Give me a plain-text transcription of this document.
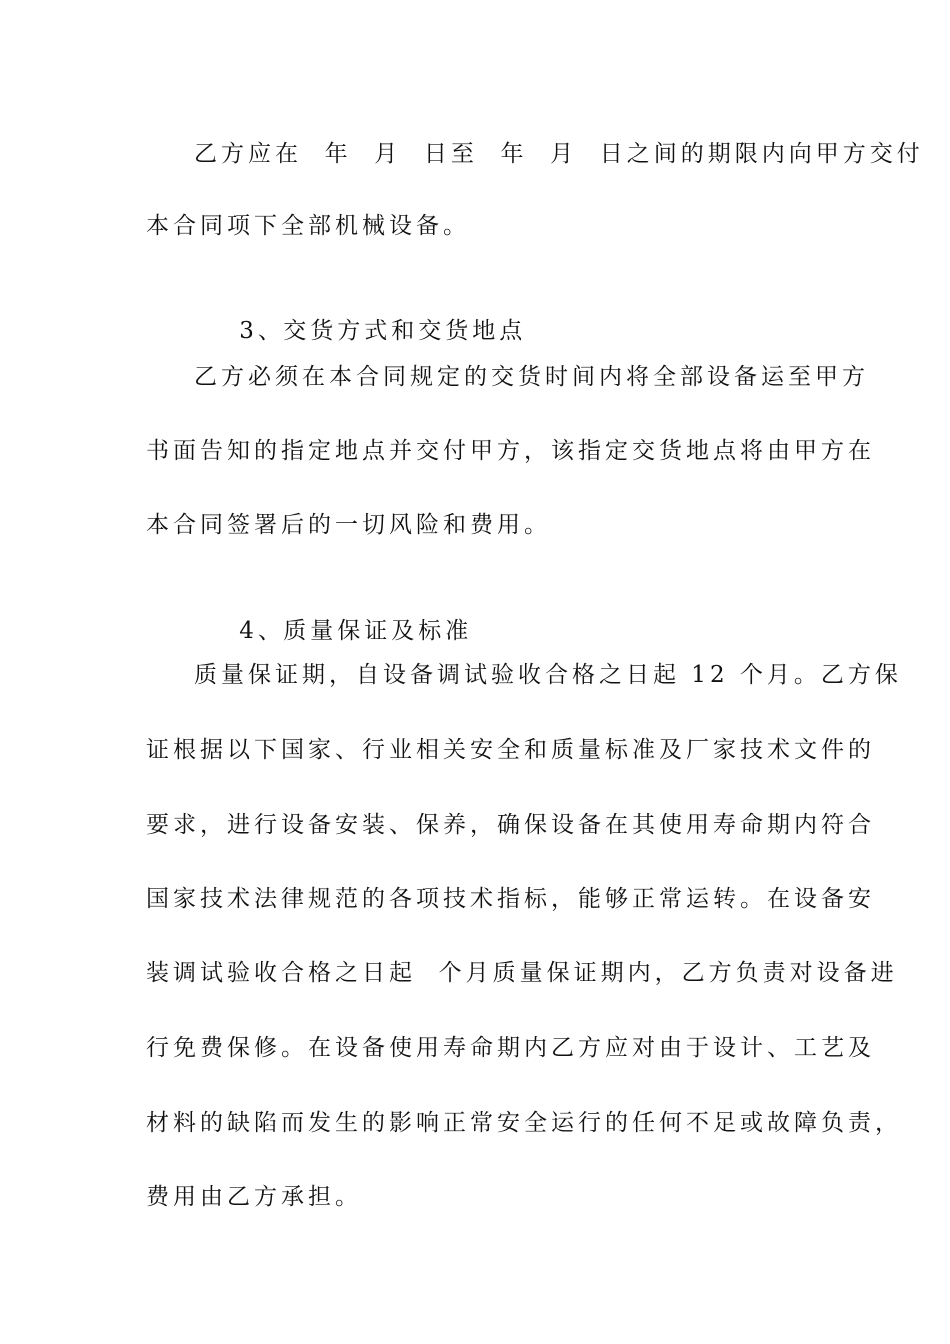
乙方应在  年  月  日至  年  月  日之间的期限内向甲方交付
本合同项下全部机械设备。

3、交货方式和交货地点

乙方必须在本合同规定的交货时间内将全部设备运至甲方
书面告知的指定地点并交付甲方，该指定交货地点将由甲方在
本合同签署后的一切风险和费用。

4、质量保证及标准

质量保证期，自设备调试验收合格之日起 12 个月。乙方保
证根据以下国家、行业相关安全和质量标准及厂家技术文件的
要求，进行设备安装、保养，确保设备在其使用寿命期内符合
国家技术法律规范的各项技术指标，能够正常运转。在设备安
装调试验收合格之日起  个月质量保证期内，乙方负责对设备进
行免费保修。在设备使用寿命期内乙方应对由于设计、工艺及
材料的缺陷而发生的影响正常安全运行的任何不足或故障负责，
费用由乙方承担。
